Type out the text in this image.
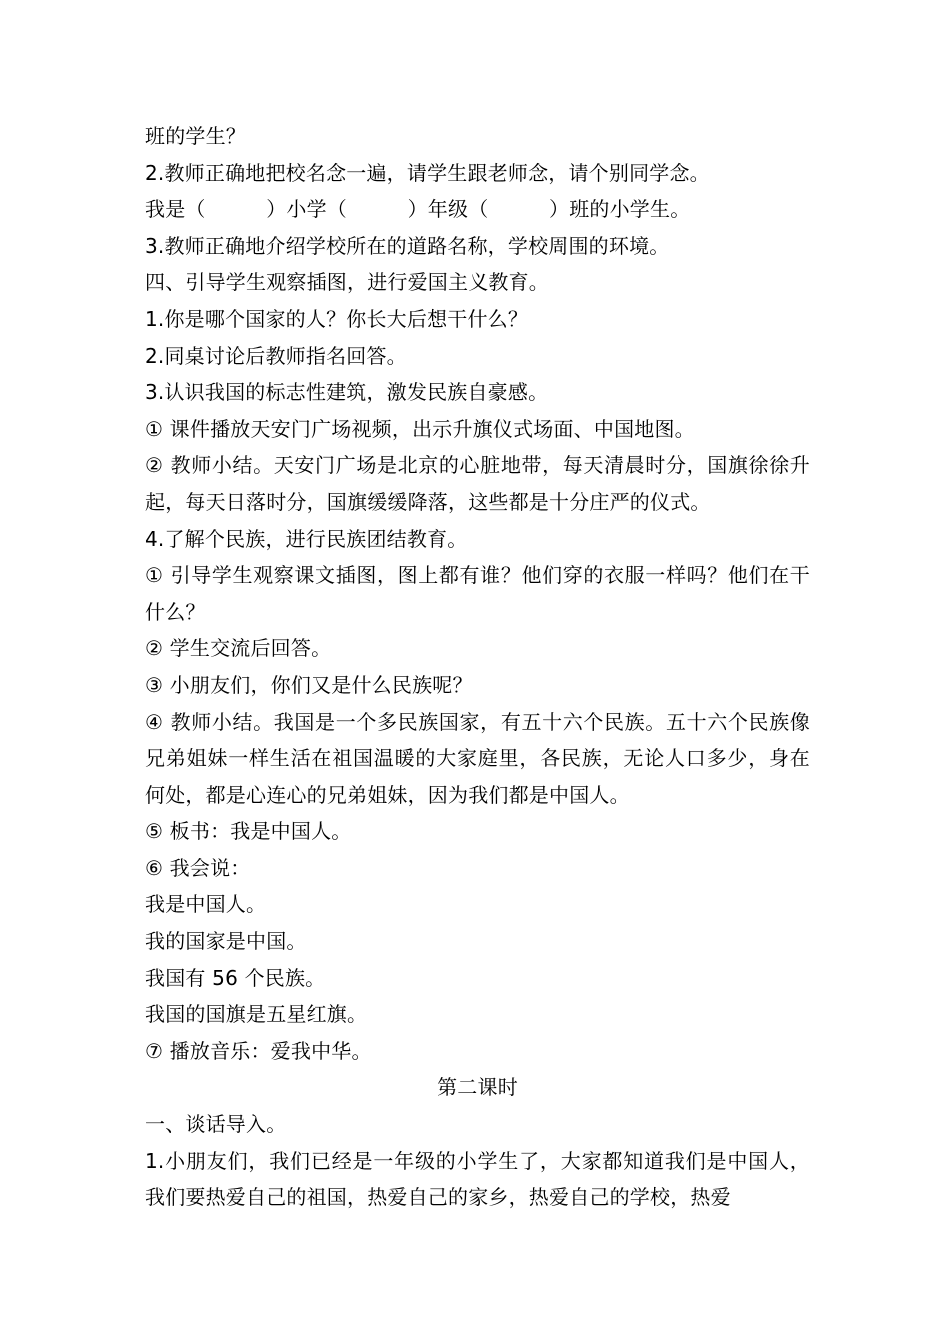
班的学生？
2.教师正确地把校名念一遍，请学生跟老师念，请个别同学念。
我是（　　　）小学（　　　）年级（　　　）班的小学生。
3.教师正确地介绍学校所在的道路名称，学校周围的环境。
四、引导学生观察插图，进行爱国主义教育。
1.你是哪个国家的人？你长大后想干什么？
2.同桌讨论后教师指名回答。
3.认识我国的标志性建筑，激发民族自豪感。
① 课件播放天安门广场视频，出示升旗仪式场面、中国地图。
② 教师小结。天安门广场是北京的心脏地带，每天清晨时分，国旗徐徐升起，每天日落时分，国旗缓缓降落，这些都是十分庄严的仪式。
4.了解个民族，进行民族团结教育。
① 引导学生观察课文插图，图上都有谁？他们穿的衣服一样吗？他们在干什么？
② 学生交流后回答。
③ 小朋友们，你们又是什么民族呢？
④ 教师小结。我国是一个多民族国家，有五十六个民族。五十六个民族像兄弟姐妹一样生活在祖国温暖的大家庭里，各民族，无论人口多少，身在何处，都是心连心的兄弟姐妹，因为我们都是中国人。
⑤ 板书：我是中国人。
⑥ 我会说：
我是中国人。
我的国家是中国。
我国有 56 个民族。
我国的国旗是五星红旗。
⑦ 播放音乐：爱我中华。
第二课时
一、谈话导入。
1.小朋友们，我们已经是一年级的小学生了，大家都知道我们是中国人，我们要热爱自己的祖国，热爱自己的家乡，热爱自己的学校，热爱
